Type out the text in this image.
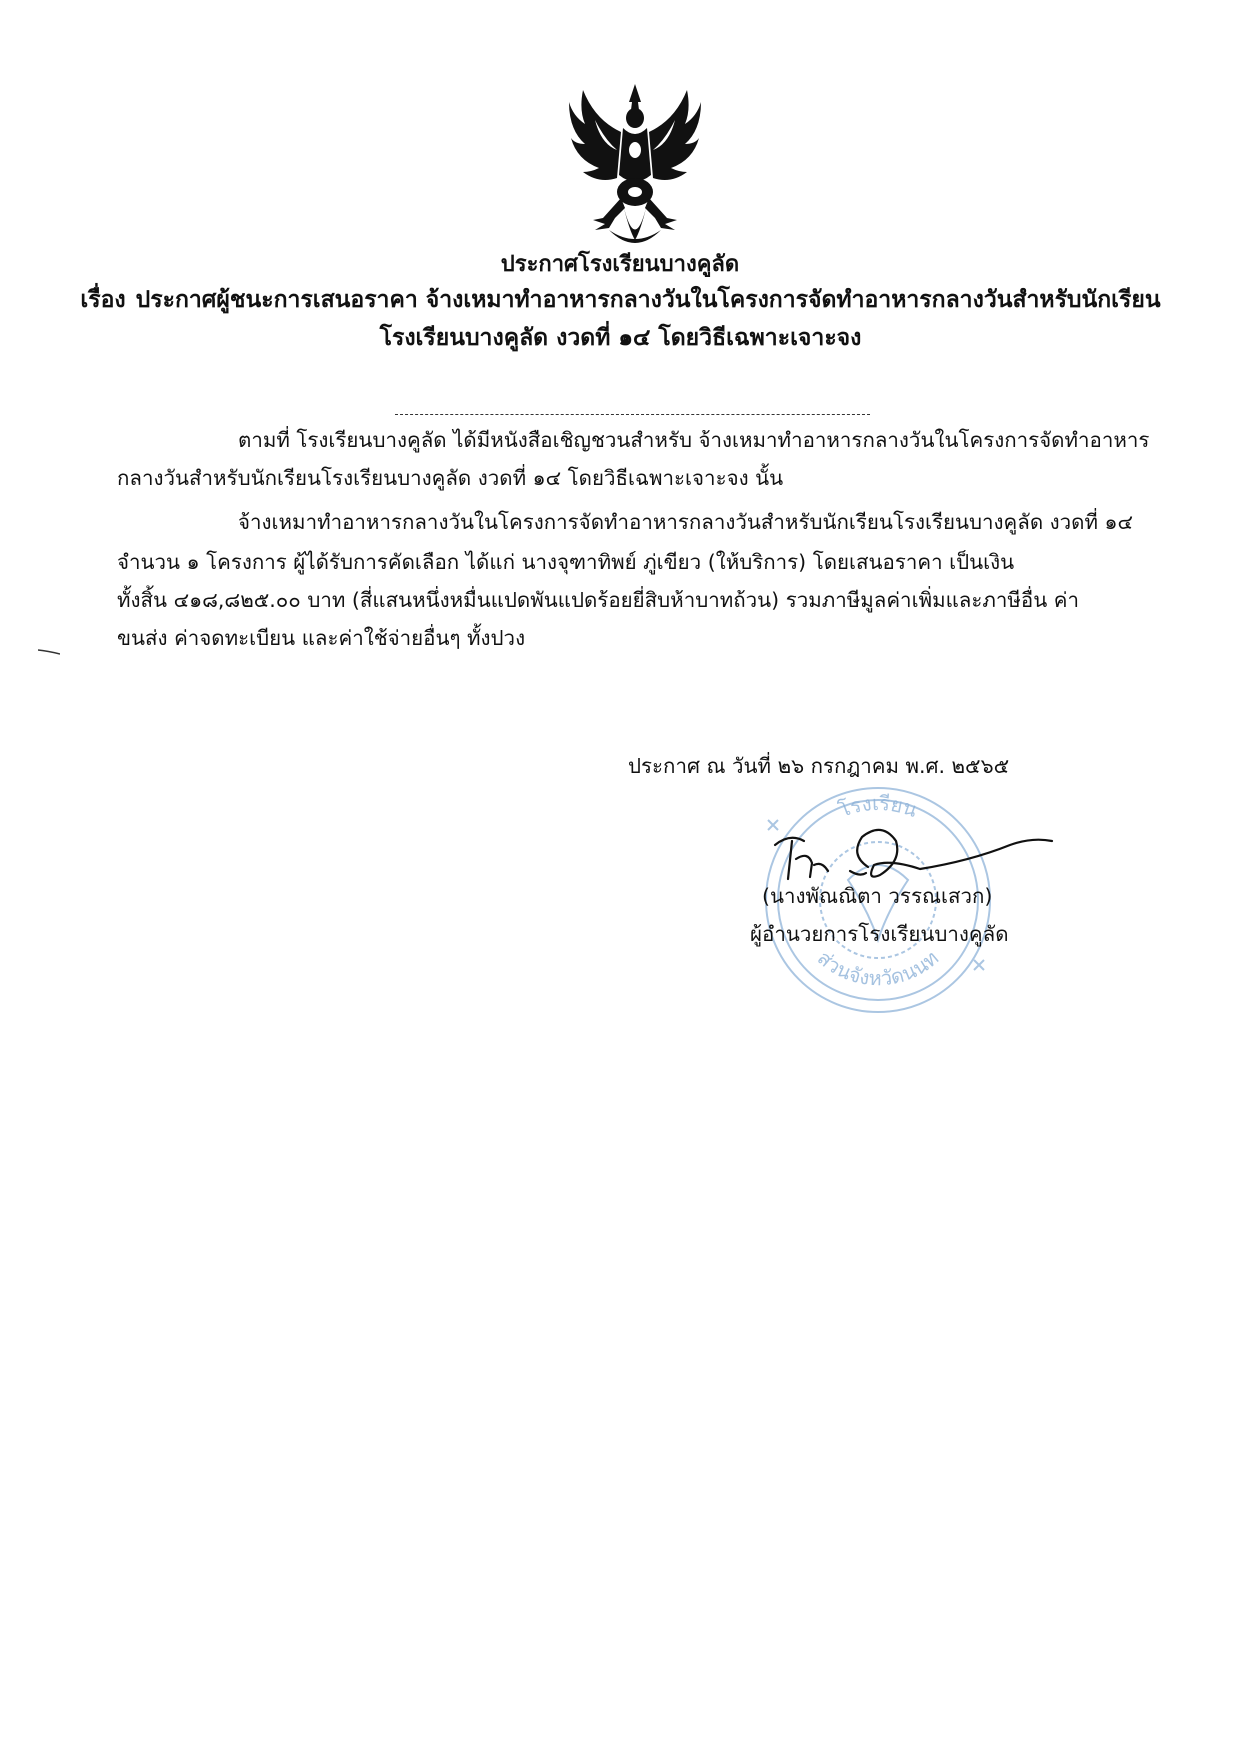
ประกาศโรงเรียนบางคูลัด
เรื่อง ประกาศผู้ชนะการเสนอราคา จ้างเหมาทำอาหารกลางวันในโครงการจัดทำอาหารกลางวันสำหรับนักเรียน
โรงเรียนบางคูลัด งวดที่ ๑๔ โดยวิธีเฉพาะเจาะจง
ตามที่ โรงเรียนบางคูลัด ได้มีหนังสือเชิญชวนสำหรับ จ้างเหมาทำอาหารกลางวันในโครงการจัดทำอาหาร
กลางวันสำหรับนักเรียนโรงเรียนบางคูลัด งวดที่ ๑๔ โดยวิธีเฉพาะเจาะจง นั้น
จ้างเหมาทำอาหารกลางวันในโครงการจัดทำอาหารกลางวันสำหรับนักเรียนโรงเรียนบางคูลัด งวดที่ ๑๔
จำนวน ๑ โครงการ ผู้ได้รับการคัดเลือก ได้แก่ นางจุฑาทิพย์ ภู่เขียว (ให้บริการ) โดยเสนอราคา เป็นเงิน
ทั้งสิ้น ๔๑๘,๘๒๕.๐๐ บาท (สี่แสนหนึ่งหมื่นแปดพันแปดร้อยยี่สิบห้าบาทถ้วน) รวมภาษีมูลค่าเพิ่มและภาษีอื่น ค่า
ขนส่ง ค่าจดทะเบียน และค่าใช้จ่ายอื่นๆ ทั้งปวง
ประกาศ ณ วันที่ ๒๖ กรกฎาคม พ.ศ. ๒๕๖๕
โรงเรียน
ส่วนจังหวัดนนท
(นางพัณณิตา วรรณเสวก)
ผู้อำนวยการโรงเรียนบางคูลัด
